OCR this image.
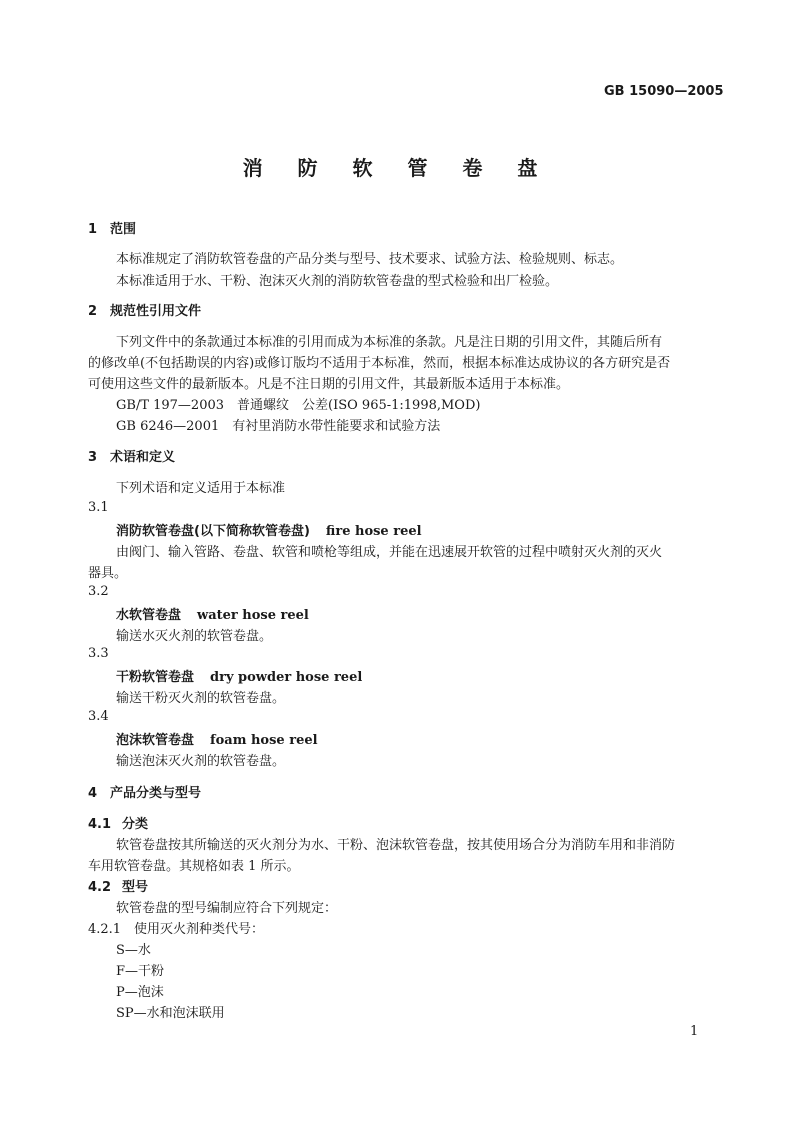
GB 15090—2005
消 防 软 管 卷 盘
1 范围
本标准规定了消防软管卷盘的产品分类与型号、技术要求、试验方法、检验规则、标志。
本标准适用于水、干粉、泡沫灭火剂的消防软管卷盘的型式检验和出厂检验。
2 规范性引用文件
下列文件中的条款通过本标准的引用而成为本标准的条款。凡是注日期的引用文件，其随后所有
的修改单(不包括勘误的内容)或修订版均不适用于本标准，然而，根据本标准达成协议的各方研究是否
可使用这些文件的最新版本。凡是不注日期的引用文件，其最新版本适用于本标准。
GB/T 197—2003　普通螺纹　公差(ISO 965-1:1998,MOD)
GB 6246—2001　有衬里消防水带性能要求和试验方法
3 术语和定义
下列术语和定义适用于本标准
3.1
消防软管卷盘(以下简称软管卷盘) fire hose reel
由阀门、输入管路、卷盘、软管和喷枪等组成，并能在迅速展开软管的过程中喷射灭火剂的灭火
器具。
3.2
水软管卷盘 water hose reel
输送水灭火剂的软管卷盘。
3.3
干粉软管卷盘 dry powder hose reel
输送干粉灭火剂的软管卷盘。
3.4
泡沫软管卷盘 foam hose reel
输送泡沫灭火剂的软管卷盘。
4 产品分类与型号
4.1 分类
软管卷盘按其所输送的灭火剂分为水、干粉、泡沫软管卷盘，按其使用场合分为消防车用和非消防
车用软管卷盘。其规格如表 1 所示。
4.2 型号
软管卷盘的型号编制应符合下列规定：
4.2.1 使用灭火剂种类代号：
S—水
F—干粉
P—泡沫
SP—水和泡沫联用
1
